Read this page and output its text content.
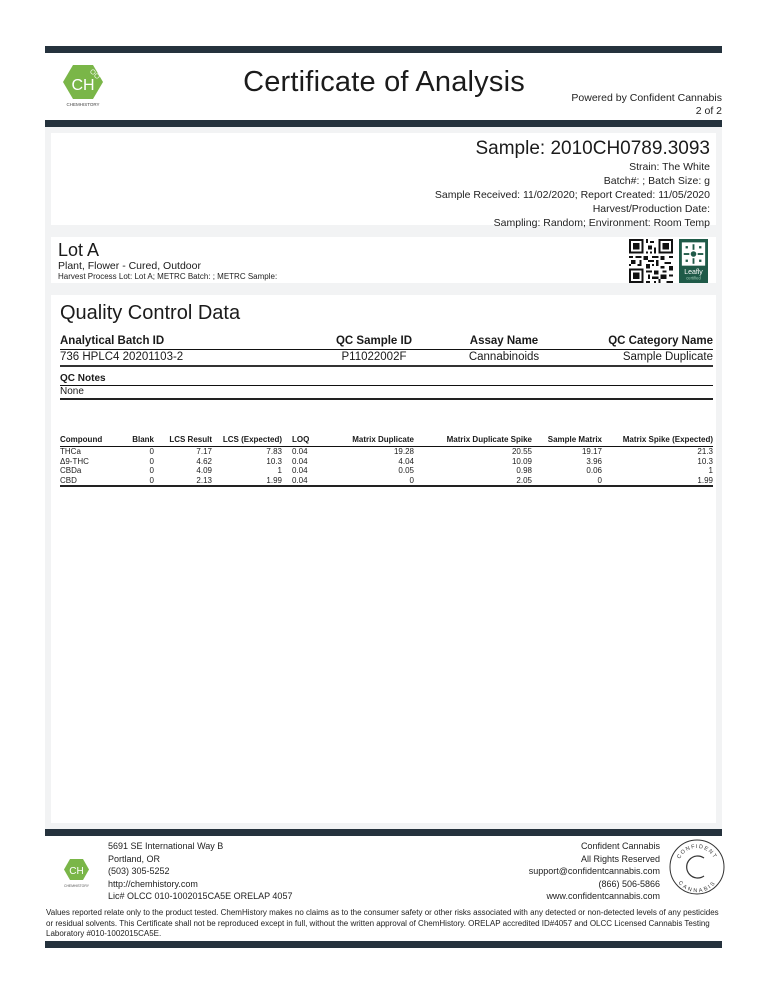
CH
CHEMHISTORY
Certificate of Analysis	Powered by Confident Cannabis
2 of 2
Sample: 2010CH0789.3093
Strain: The White
Batch#: ; Batch Size: g
Sample Received: 11/02/2020; Report Created: 11/05/2020
Harvest/Production Date:
Sampling: Random; Environment: Room Temp
Lot A
Plant, Flower - Cured, Outdoor
Harvest Process Lot: Lot A; METRC Batch: ; METRC Sample:	Leafly
certified
Quality Control Data
Analytical Batch ID	QC Sample ID	Assay Name	QC Category Name
736 HPLC4 20201103-2	P11022002F	Cannabinoids	Sample Duplicate
QC Notes
None
Compound	Blank	LCS Result	LCS (Expected)	LOQ	Matrix Duplicate	Matrix Duplicate Spike	Sample Matrix	Matrix Spike (Expected)
THCa	0	7.17	7.83	0.04	19.28	20.55	19.17	21.3
Δ9-THC	0	4.62	10.3	0.04	4.04	10.09	3.96	10.3
CBDa	0	4.09	1	0.04	0.05	0.98	0.06	1
CBD	0	2.13	1.99	0.04	0	2.05	0	1.99
CH
CHEMHISTORY
5691 SE International Way B
Portland, OR
(503) 305-5252
http://chemhistory.com
Lic# OLCC 010-1002015CA5E ORELAP 4057
Confident Cannabis
All Rights Reserved
support@confidentcannabis.com
(866) 506-5866
www.confidentcannabis.com
CONFIDENT
CANNABIS
Values reported relate only to the product tested. ChemHistory makes no claims as to the consumer safety or other risks associated with any detected or non-detected levels of any pesticides or residual solvents. This Certificate shall not be reproduced except in full, without the written approval of ChemHistory. ORELAP accredited ID#4057 and OLCC Licensed Cannabis Testing Laboratory #010-1002015CA5E.
